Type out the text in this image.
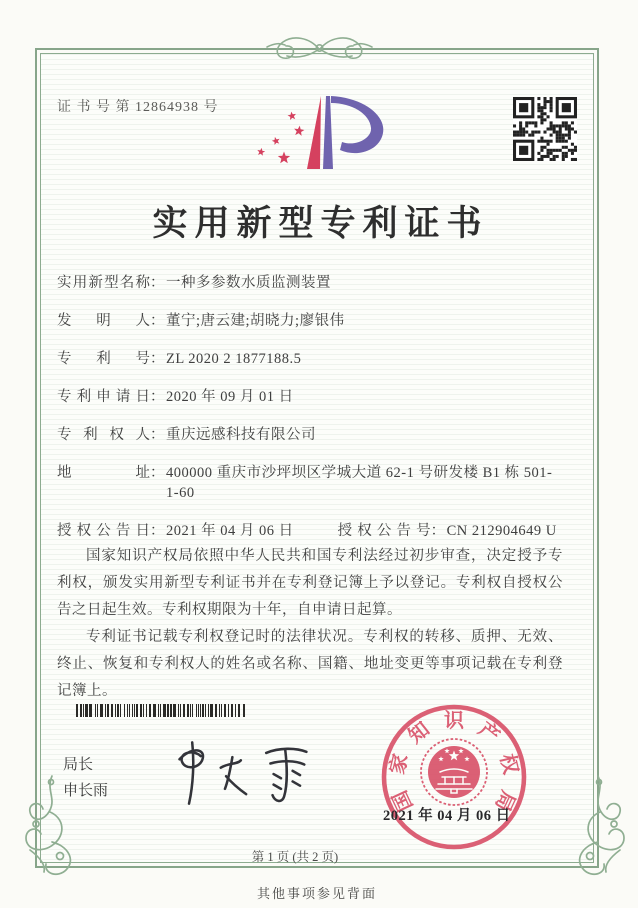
证 书 号 第 12864938 号
实用新型专利证书
实用新型名称： 一种多参数水质监测装置
发明人： 董宁;唐云建;胡晓力;廖银伟
专利号： ZL 2020 2 1877188.5
专利申请日： 2020 年 09 月 01 日
专利权人： 重庆远感科技有限公司
地址： 400000 重庆市沙坪坝区学城大道 62-1 号研发楼 B1 栋 501-1-60
授权公告日： 2021 年 04 月 06 日	授权公告号： CN 212904649 U

国家知识产权局依照中华人民共和国专利法经过初步审查，决定授予专利权，颁发实用新型专利证书并在专利登记簿上予以登记。专利权自授权公告之日起生效。专利权期限为十年，自申请日起算。

专利证书记载专利权登记时的法律状况。专利权的转移、质押、无效、终止、恢复和专利权人的姓名或名称、国籍、地址变更等事项记载在专利登记簿上。

局长
申长雨	国
家
知 识 产
权
局
2021 年 04 月 06 日
第 1 页 (共 2 页)
其他事项参见背面
